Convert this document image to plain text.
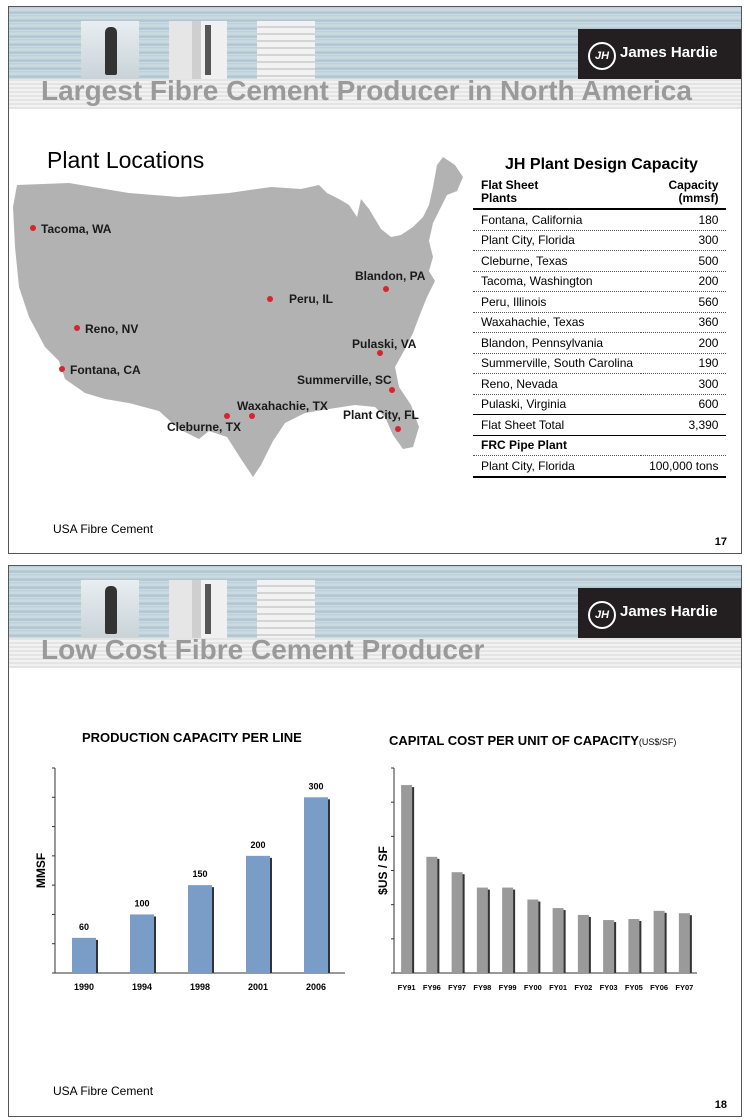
JH James Hardie
Largest Fibre Cement Producer in North America
Plant Locations
Tacoma, WA
Reno, NV
Fontana, CA
Peru, IL
Blandon, PA
Pulaski, VA
Summerville, SC
Waxahachie, TX
Cleburne, TX
Plant City, FL
JH Plant Design Capacity
Flat Sheet
Plants	Capacity
(mmsf)
Fontana, California	180
Plant City, Florida	300
Cleburne, Texas	500
Tacoma, Washington	200
Peru, Illinois	560
Waxahachie, Texas	360
Blandon, Pennsylvania	200
Summerville, South Carolina	190
Reno, Nevada	300
Pulaski, Virginia	600
Flat Sheet Total	3,390
FRC Pipe Plant	
Plant City, Florida	100,000 tons
USA Fibre Cement
17
JH James Hardie
Low Cost Fibre Cement Producer
PRODUCTION CAPACITY PER LINE	CAPITAL COST PER UNIT OF CAPACITY(US$/SF)
MMSF
60
1990
100
1994
150
1998
200
2001
300
2006
$US / SF
FY91 FY96 FY97 FY98 FY99 FY00 FY01 FY02 FY03 FY05 FY06 FY07
USA Fibre Cement
18
